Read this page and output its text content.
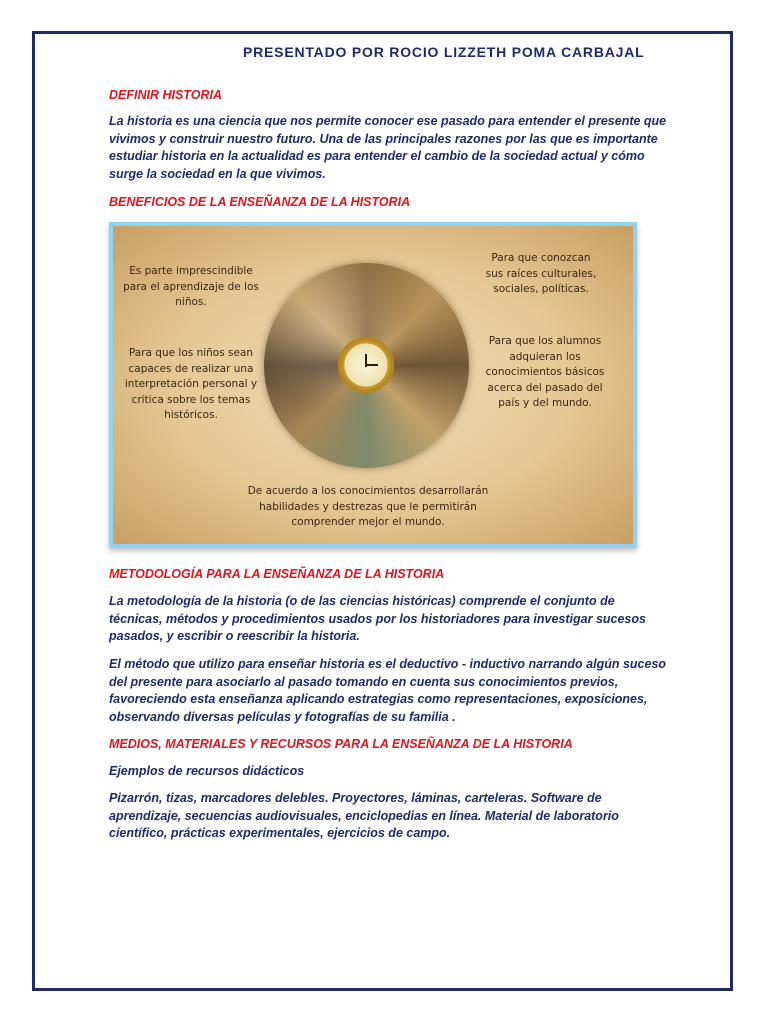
PRESENTADO POR ROCIO LIZZETH POMA CARBAJAL
DEFINIR HISTORIA

La historia es una ciencia que nos permite conocer ese pasado para entender el presente que vivimos y construir nuestro futuro. Una de las principales razones por las que es importante estudiar historia en la actualidad es para entender el cambio de la sociedad actual y cómo surge la sociedad en la que vivimos.

BENEFICIOS DE LA ENSEÑANZA DE LA HISTORIA

Es parte imprescindible para el aprendizaje de los niños.

Para que los niños sean capaces de realizar una interpretación personal y critica sobre los temas históricos.

Para que conozcan sus raíces culturales, sociales, políticas.

Para que los alumnos adquieran los conocimientos básicos acerca del pasado del país y del mundo.

De acuerdo a los conocimientos desarrollarán habilidades y destrezas que le permitirán comprender mejor el mundo.

METODOLOGÍA PARA LA ENSEÑANZA DE LA HISTORIA

La metodología de la historia (o de las ciencias históricas) comprende el conjunto de técnicas, métodos y procedimientos usados por los historiadores para investigar sucesos pasados, y escribir o reescribir la historia.

El método que utilizo para enseñar historia es el deductivo - inductivo narrando algún suceso del presente para asociarlo al pasado tomando en cuenta sus conocimientos previos, favoreciendo esta enseñanza aplicando estrategias como representaciones, exposiciones, observando diversas películas y fotografías de su familia .

MEDIOS, MATERIALES Y RECURSOS PARA LA ENSEÑANZA DE LA HISTORIA

Ejemplos de recursos didácticos

Pizarrón, tizas, marcadores delebles. Proyectores, láminas, carteleras. Software de aprendizaje, secuencias audiovisuales, enciclopedias en línea. Material de laboratorio científico, prácticas experimentales, ejercicios de campo.
